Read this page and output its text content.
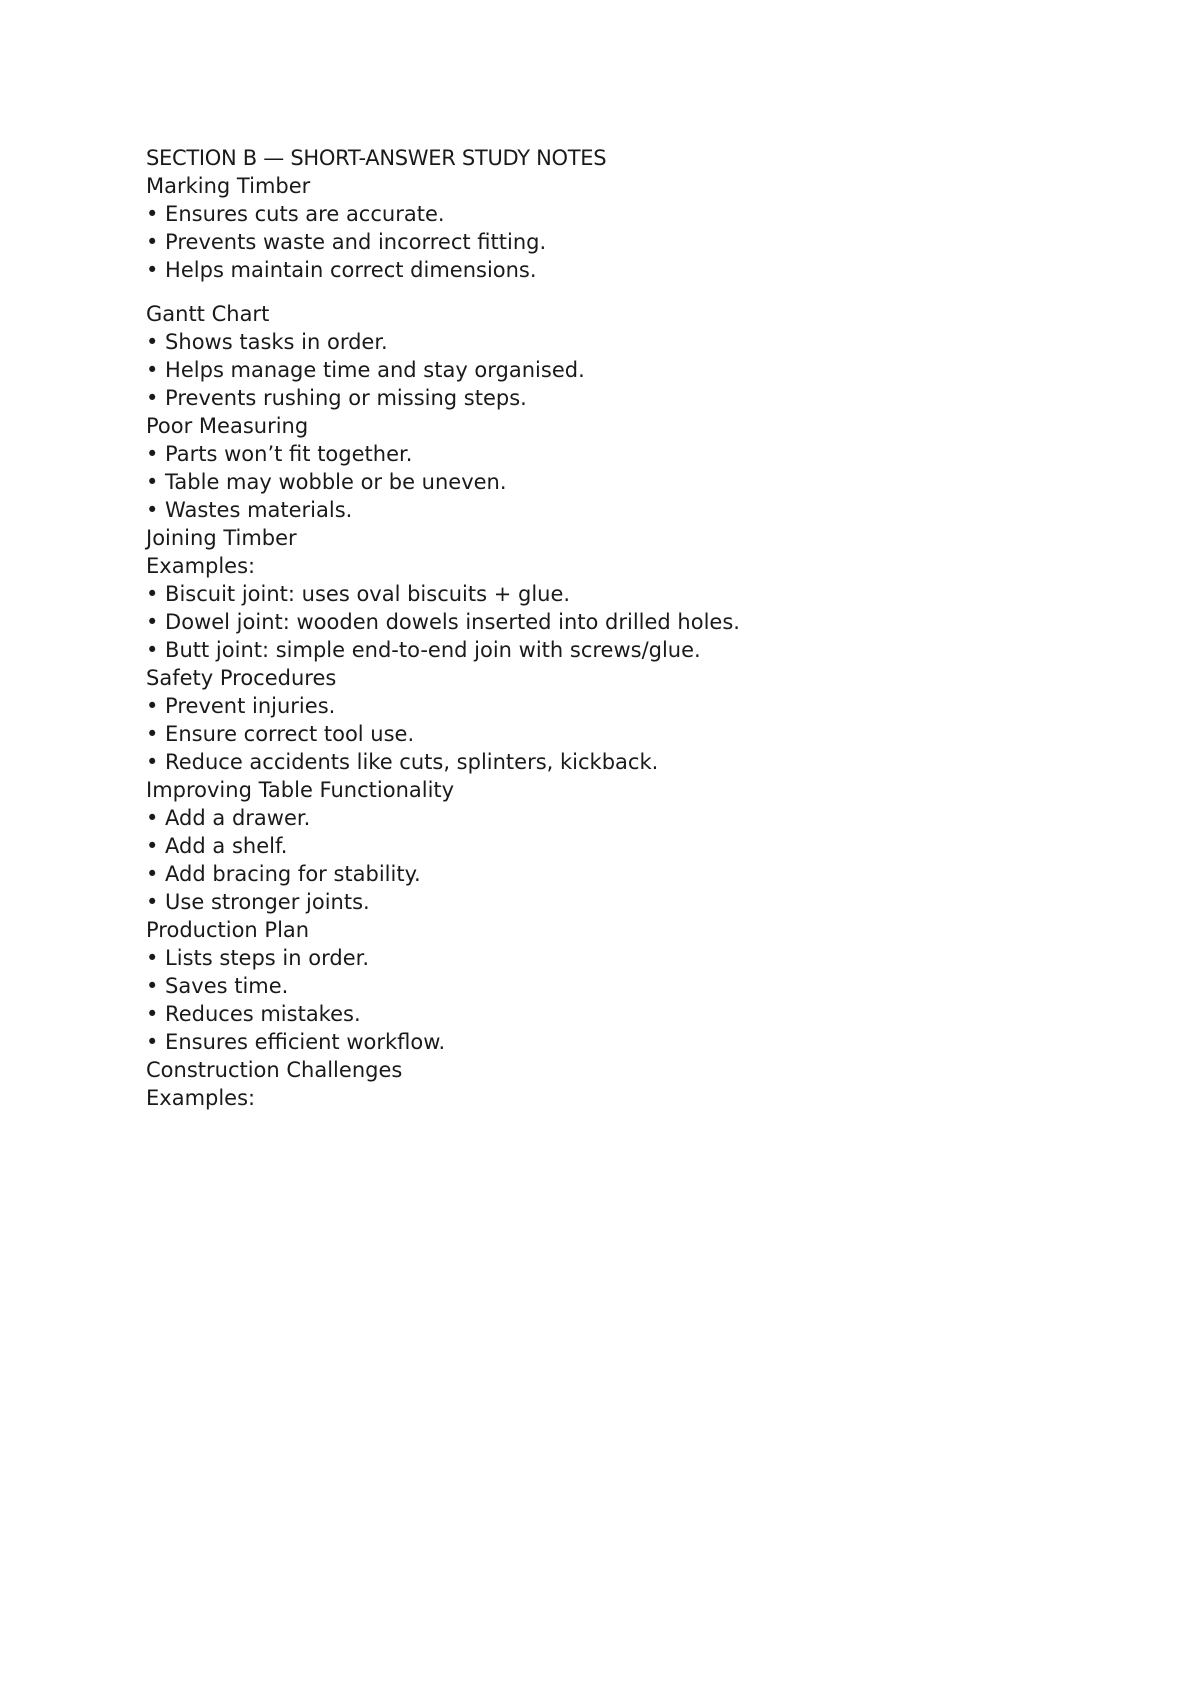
SECTION B — SHORT-ANSWER STUDY NOTES
Marking Timber
• Ensures cuts are accurate.
• Prevents waste and incorrect fitting.
• Helps maintain correct dimensions.
Gantt Chart
• Shows tasks in order.
• Helps manage time and stay organised.
• Prevents rushing or missing steps.
Poor Measuring
• Parts won’t fit together.
• Table may wobble or be uneven.
• Wastes materials.
Joining Timber
Examples:
• Biscuit joint: uses oval biscuits + glue.
• Dowel joint: wooden dowels inserted into drilled holes.
• Butt joint: simple end-to-end join with screws/glue.
Safety Procedures
• Prevent injuries.
• Ensure correct tool use.
• Reduce accidents like cuts, splinters, kickback.
Improving Table Functionality
• Add a drawer.
• Add a shelf.
• Add bracing for stability.
• Use stronger joints.
Production Plan
• Lists steps in order.
• Saves time.
• Reduces mistakes.
• Ensures efficient workflow.
Construction Challenges
Examples:
